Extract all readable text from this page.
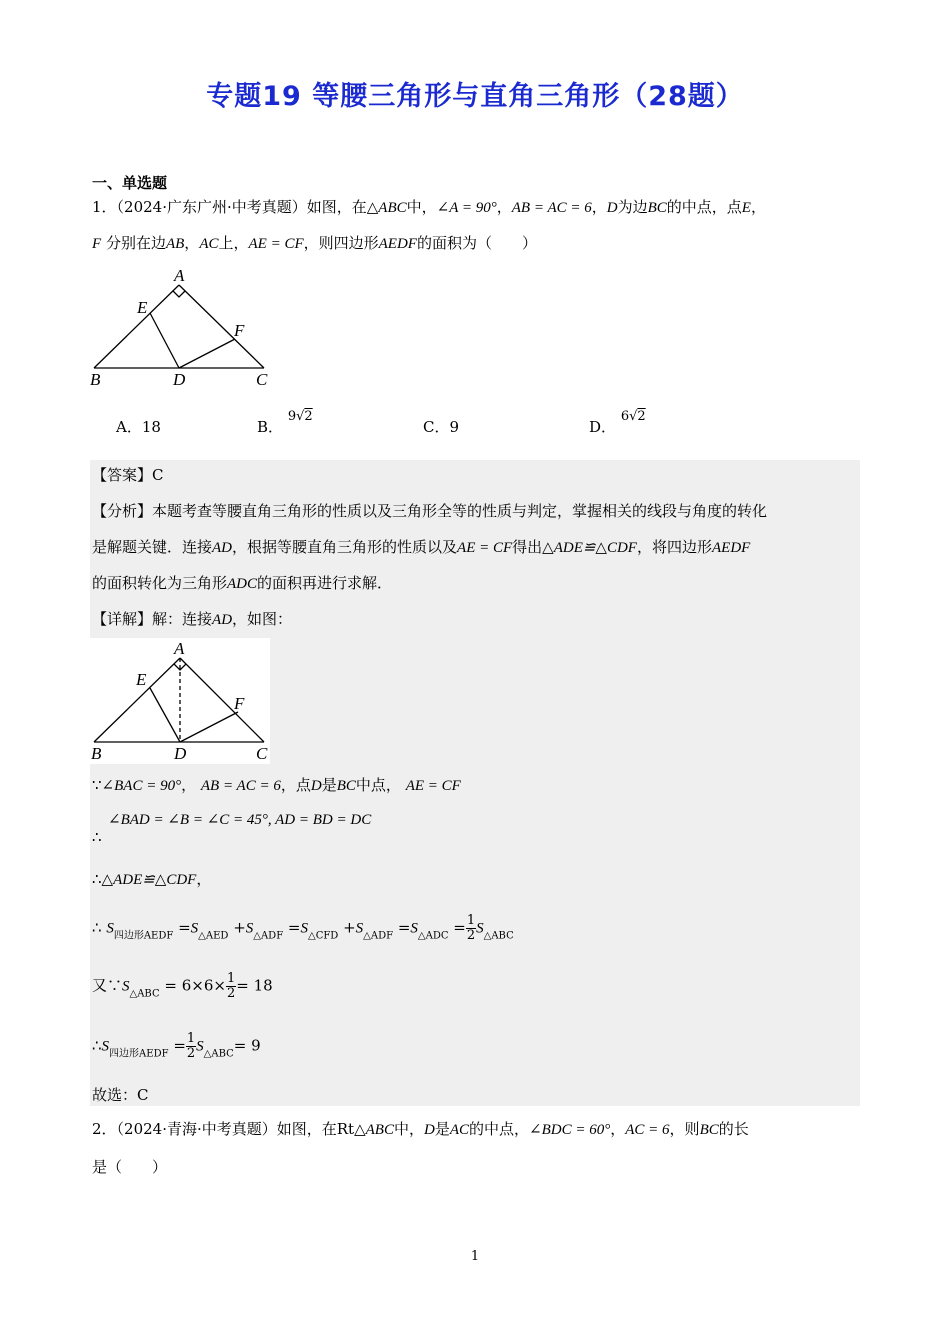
专题19 等腰三角形与直角三角形（28题）
一、单选题
1．（2024·广东广州·中考真题）如图，在△ABC中，∠A = 90°，AB = AC = 6，D为边BC的中点，点E，
F 分别在边AB，AC上，AE = CF，则四边形AEDF的面积为（　　）
A
B	C
D
E
F
A．18	B． 9√2
C．9	D． 6√2
【答案】C
【分析】本题考查等腰直角三角形的性质以及三角形全等的性质与判定，掌握相关的线段与角度的转化
是解题关键．连接AD，根据等腰直角三角形的性质以及AE = CF得出△ADE≌△CDF，将四边形AEDF
的面积转化为三角形ADC的面积再进行求解．
【详解】解：连接AD，如图：
A
B	C
D
E
F
∵∠BAC = 90°， AB = AC = 6，点D是BC中点， AE = CF
∠BAD = ∠B = ∠C = 45°, AD = BD = DC
∴
∴△ADE≌△CDF，
∴ $S_{四边形AEDF} =S_{\triangle AED} +S_{\triangle ADF} =S_{\triangle CFD} +S_{\triangle ADF} =S_{\triangle ADC} = \frac{1}{2} S_{\triangle ABC}$
又$\because S_{\triangle ABC} = 6\times 6\times \frac{1}{2} = 18$
$\therefore S_{四边形AEDF} = \frac{1}{2} S_{\triangle ABC}= 9$
故选：C
2．（2024·青海·中考真题）如图，在Rt△ABC中，D是AC的中点，∠BDC = 60°，AC = 6，则BC的长
是（　　）
1
